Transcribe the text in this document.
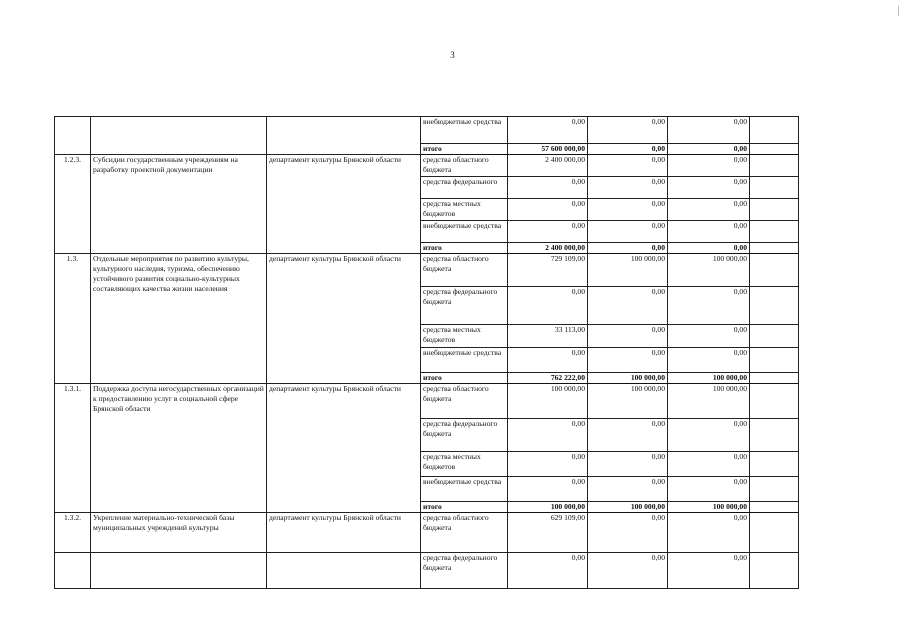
3
			внебюджетные средства	0,00	0,00	0,00	
			итого	57 600 000,00	0,00	0,00	
1.2.3.	Субсидии государственным учреждениям на разработку проектной документации	департамент культуры Брянской области	средства областного бюджета	2 400 000,00	0,00	0,00	
			средства федерального	0,00	0,00	0,00	
			средства местных бюджетов	0,00	0,00	0,00	
			внебюджетные средства	0,00	0,00	0,00	
			итого	2 400 000,00	0,00	0,00	
1.3.	Отдельные мероприятия по развитию культуры, культурного наследия, туризма, обеспечению устойчивого развития социально-культурных составляющих качества жизни населения	департамент культуры Брянской области	средства областного бюджета	729 109,00	100 000,00	100 000,00	
			средства федерального бюджета	0,00	0,00	0,00	
			средства местных бюджетов	33 113,00	0,00	0,00	
			внебюджетные средства	0,00	0,00	0,00	
			итого	762 222,00	100 000,00	100 000,00	
1.3.1.	Поддержка доступа негосударственных организаций к предоставлению услуг в социальной сфере Брянской области	департамент культуры Брянской области	средства областного бюджета	100 000,00	100 000,00	100 000,00	
			средства федерального бюджета	0,00	0,00	0,00	
			средства местных бюджетов	0,00	0,00	0,00	
			внебюджетные средства	0,00	0,00	0,00	
			итого	100 000,00	100 000,00	100 000,00	
1.3.2.	Укрепление материально-технической базы муниципальных учреждений культуры	департамент культуры Брянской области	средства областного бюджета	629 109,00	0,00	0,00	
			средства федерального бюджета	0,00	0,00	0,00	
